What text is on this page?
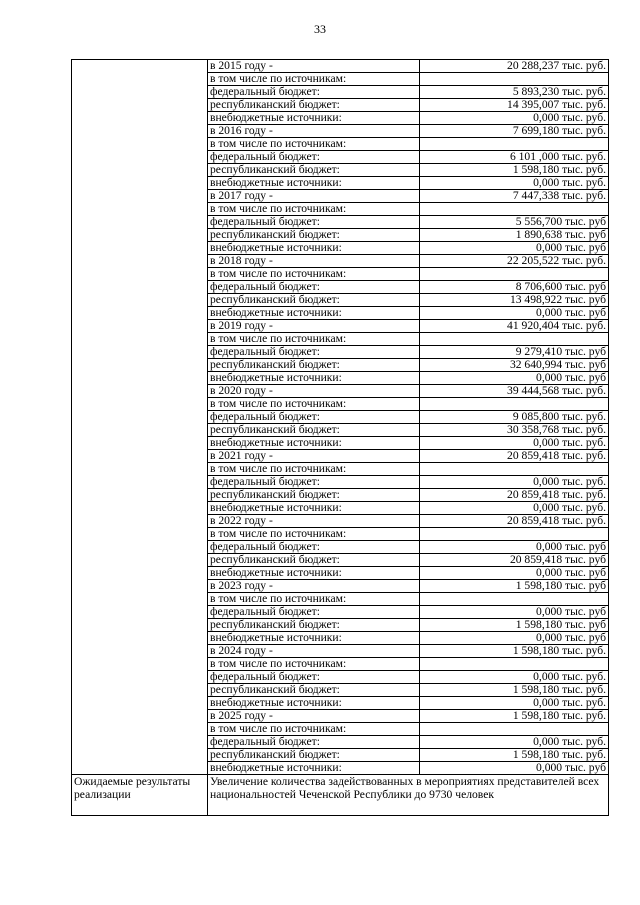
33
	в 2015 году -	20 288,237 тыс. руб.
	в том числе по источникам:	
	федеральный бюджет:	5 893,230 тыс. руб.
	республиканский бюджет:	14 395,007 тыс. руб.
	внебюджетные источники:	0,000 тыс. руб.
	в 2016 году -	7 699,180 тыс. руб.
	в том числе по источникам:	
	федеральный бюджет:	6 101 ,000 тыс. руб.
	республиканский бюджет:	1 598,180 тыс. руб.
	внебюджетные источники:	0,000 тыс. руб.
	в 2017 году -	7 447,338 тыс. руб.
	в том числе по источникам:	
	федеральный бюджет:	5 556,700 тыс. руб
	республиканский бюджет:	1 890,638 тыс. руб
	внебюджетные источники:	0,000 тыс. руб
	в 2018 году -	22 205,522 тыс. руб.
	в том числе по источникам:	
	федеральный бюджет:	8 706,600 тыс. руб
	республиканский бюджет:	13 498,922 тыс. руб
	внебюджетные источники:	0,000 тыс. руб
	в 2019 году -	41 920,404 тыс. руб.
	в том числе по источникам:	
	федеральный бюджет:	9 279,410 тыс. руб
	республиканский бюджет:	32 640,994 тыс. руб
	внебюджетные источники:	0,000 тыс. руб
	в 2020 году -	39 444,568 тыс. руб.
	в том числе по источникам:	
	федеральный бюджет:	9 085,800 тыс. руб.
	республиканский бюджет:	30 358,768 тыс. руб.
	внебюджетные источники:	0,000 тыс. руб.
	в 2021 году -	20 859,418 тыс. руб.
	в том числе по источникам:	
	федеральный бюджет:	0,000 тыс. руб.
	республиканский бюджет:	20 859,418 тыс. руб.
	внебюджетные источники:	0,000 тыс. руб.
	в 2022 году -	20 859,418 тыс. руб.
	в том числе по источникам:	
	федеральный бюджет:	0,000 тыс. руб
	республиканский бюджет:	20 859,418 тыс. руб
	внебюджетные источники:	0,000 тыс. руб
	в 2023 году -	1 598,180 тыс. руб
	в том числе по источникам:	
	федеральный бюджет:	0,000 тыс. руб
	республиканский бюджет:	1 598,180 тыс. руб
	внебюджетные источники:	0,000 тыс. руб
	в 2024 году -	1 598,180 тыс. руб.
	в том числе по источникам:	
	федеральный бюджет:	0,000 тыс. руб.
	республиканский бюджет:	1 598,180 тыс. руб.
	внебюджетные источники:	0,000 тыс. руб.
	в 2025 году -	1 598,180 тыс. руб.
	в том числе по источникам:	
	федеральный бюджет:	0,000 тыс. руб.
	республиканский бюджет:	1 598,180 тыс. руб.
	внебюджетные источники:	0,000 тыс. руб
Ожидаемые результаты реализации	Увеличение количества задействованных в мероприятиях представителей всех национальностей Чеченской Республики до 9730 человек	
